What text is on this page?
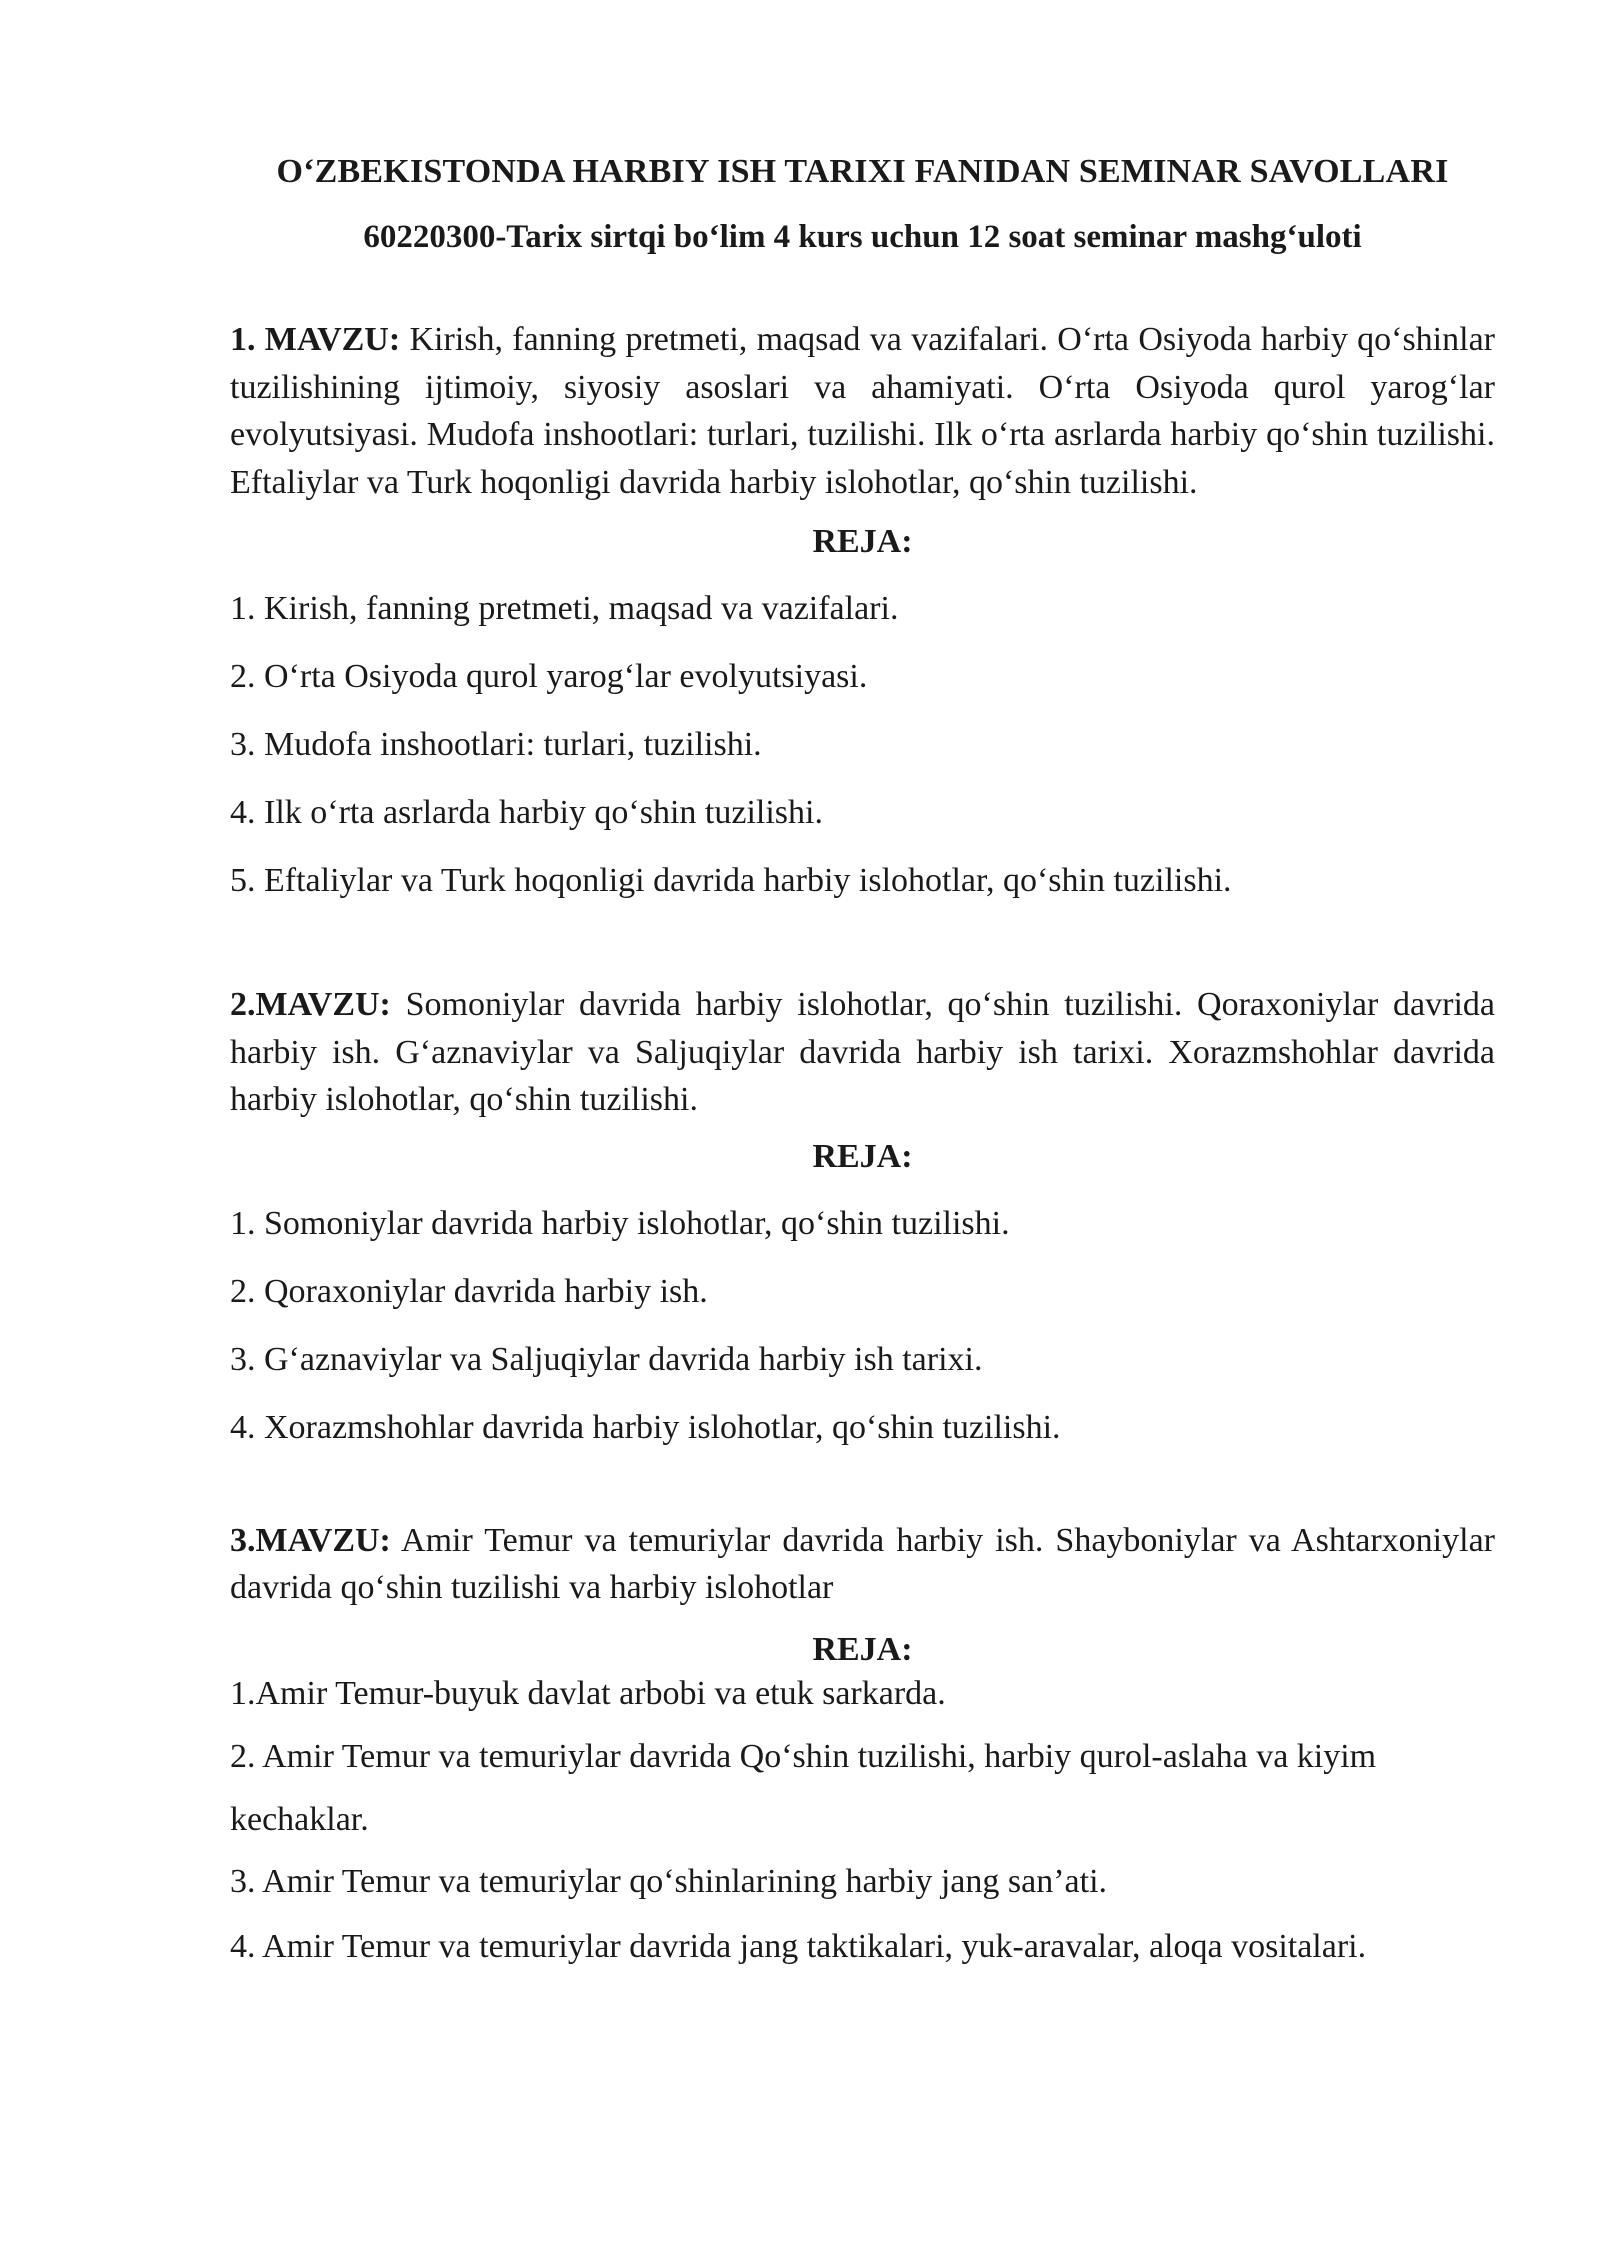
O‘ZBEKISTONDA HARBIY ISH TARIXI FANIDAN SEMINAR SAVOLLARI
60220300-Tarix sirtqi bo‘lim 4 kurs uchun 12 soat seminar mashg‘uloti

1. MAVZU: Kirish, fanning pretmeti, maqsad va vazifalari. O‘rta Osiyoda harbiy qo‘shinlar tuzilishining ijtimoiy, siyosiy asoslari va ahamiyati. O‘rta Osiyoda qurol yarog‘lar evolyutsiyasi. Mudofa inshootlari: turlari, tuzilishi. Ilk o‘rta asrlarda harbiy qo‘shin tuzilishi. Eftaliylar va Turk hoqonligi davrida harbiy islohotlar, qo‘shin tuzilishi.

REJA:

1. Kirish, fanning pretmeti, maqsad va vazifalari.
2. O‘rta Osiyoda qurol yarog‘lar evolyutsiyasi.
3. Mudofa inshootlari: turlari, tuzilishi.
4. Ilk o‘rta asrlarda harbiy qo‘shin tuzilishi.
5. Eftaliylar va Turk hoqonligi davrida harbiy islohotlar, qo‘shin tuzilishi.

2.MAVZU: Somoniylar davrida harbiy islohotlar, qo‘shin tuzilishi. Qoraxoniylar davrida harbiy ish. G‘aznaviylar va Saljuqiylar davrida harbiy ish tarixi. Xorazmshohlar davrida harbiy islohotlar, qo‘shin tuzilishi.

REJA:

1. Somoniylar davrida harbiy islohotlar, qo‘shin tuzilishi.
2. Qoraxoniylar davrida harbiy ish.
3. G‘aznaviylar va Saljuqiylar davrida harbiy ish tarixi.
4. Xorazmshohlar davrida harbiy islohotlar, qo‘shin tuzilishi.

3.MAVZU: Amir Temur va temuriylar davrida harbiy ish. Shayboniylar va Ashtarxoniylar davrida qo‘shin tuzilishi va harbiy islohotlar

REJA:

1.Amir Temur-buyuk davlat arbobi va etuk sarkarda.
2. Amir Temur va temuriylar davrida Qo‘shin tuzilishi, harbiy qurol-aslaha va kiyim kechaklar.
3. Amir Temur va temuriylar qo‘shinlarining harbiy jang san’ati.
4. Amir Temur va temuriylar davrida jang taktikalari, yuk-aravalar, aloqa vositalari.
